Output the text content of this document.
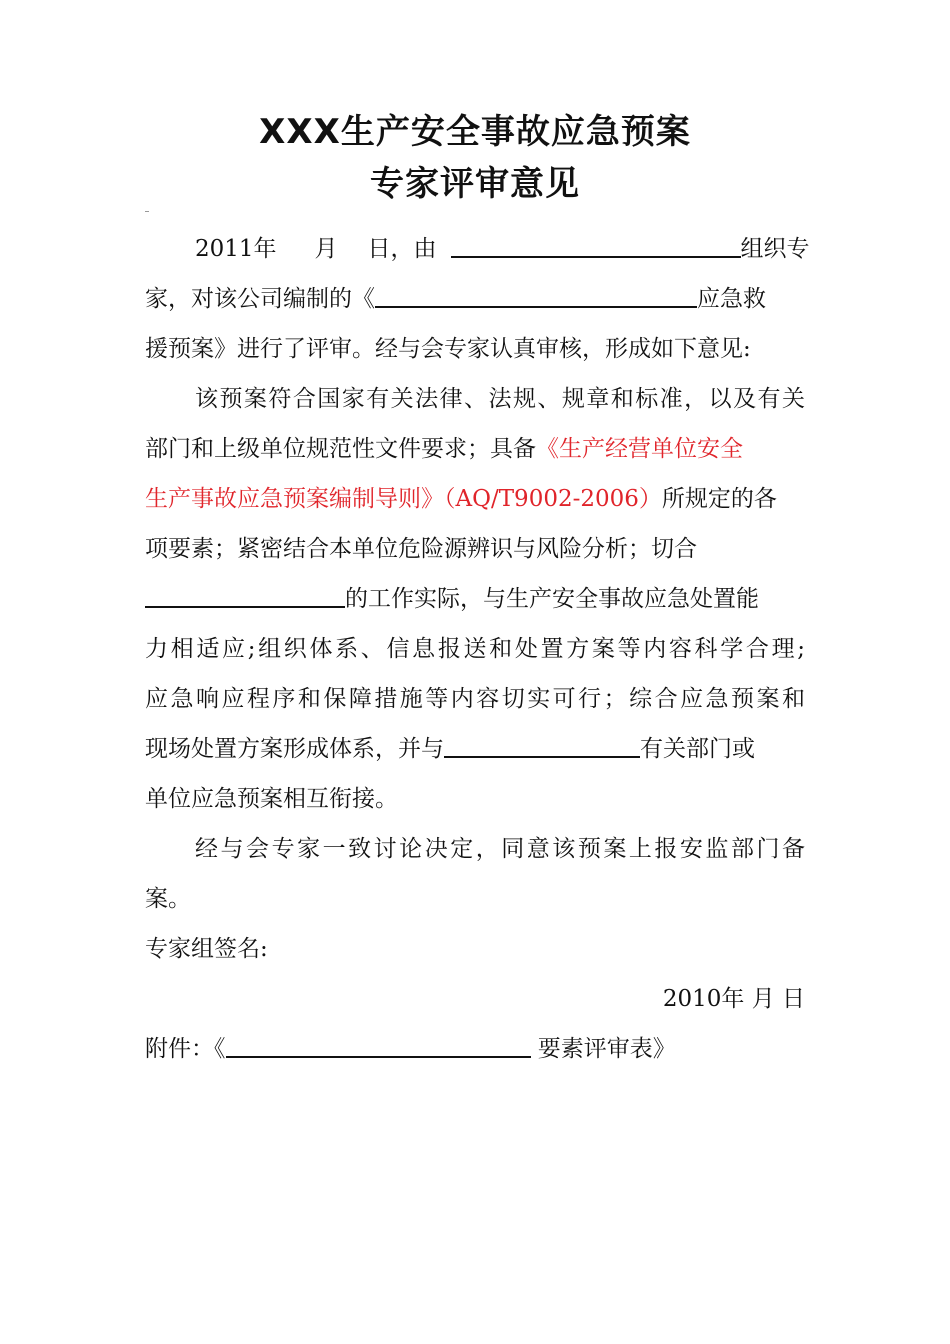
XXX生产安全事故应急预案
专家评审意见
2011年 月 日，由	组织专
家，对该公司编制的《	应急救
援预案》进行了评审。经与会专家认真审核，形成如下意见:
该预案符合国家有关法律、法规、规章和标准，以及有关
部门和上级单位规范性文件要求；具备《生产经营单位安全
生产事故应急预案编制导则》（AQ/T9002-2006）所规定的各
项要素；紧密结合本单位危险源辨识与风险分析；切合
的工作实际，与生产安全事故应急处置能
力相适应;组织体系、信息报送和处置方案等内容科学合理;
应急响应程序和保障措施等内容切实可行；综合应急预案和
现场处置方案形成体系，并与	有关部门或
单位应急预案相互衔接。
经与会专家一致讨论决定，同意该预案上报安监部门备
案。
专家组签名:
2010年 月 日
附件：《	要素评审表》
